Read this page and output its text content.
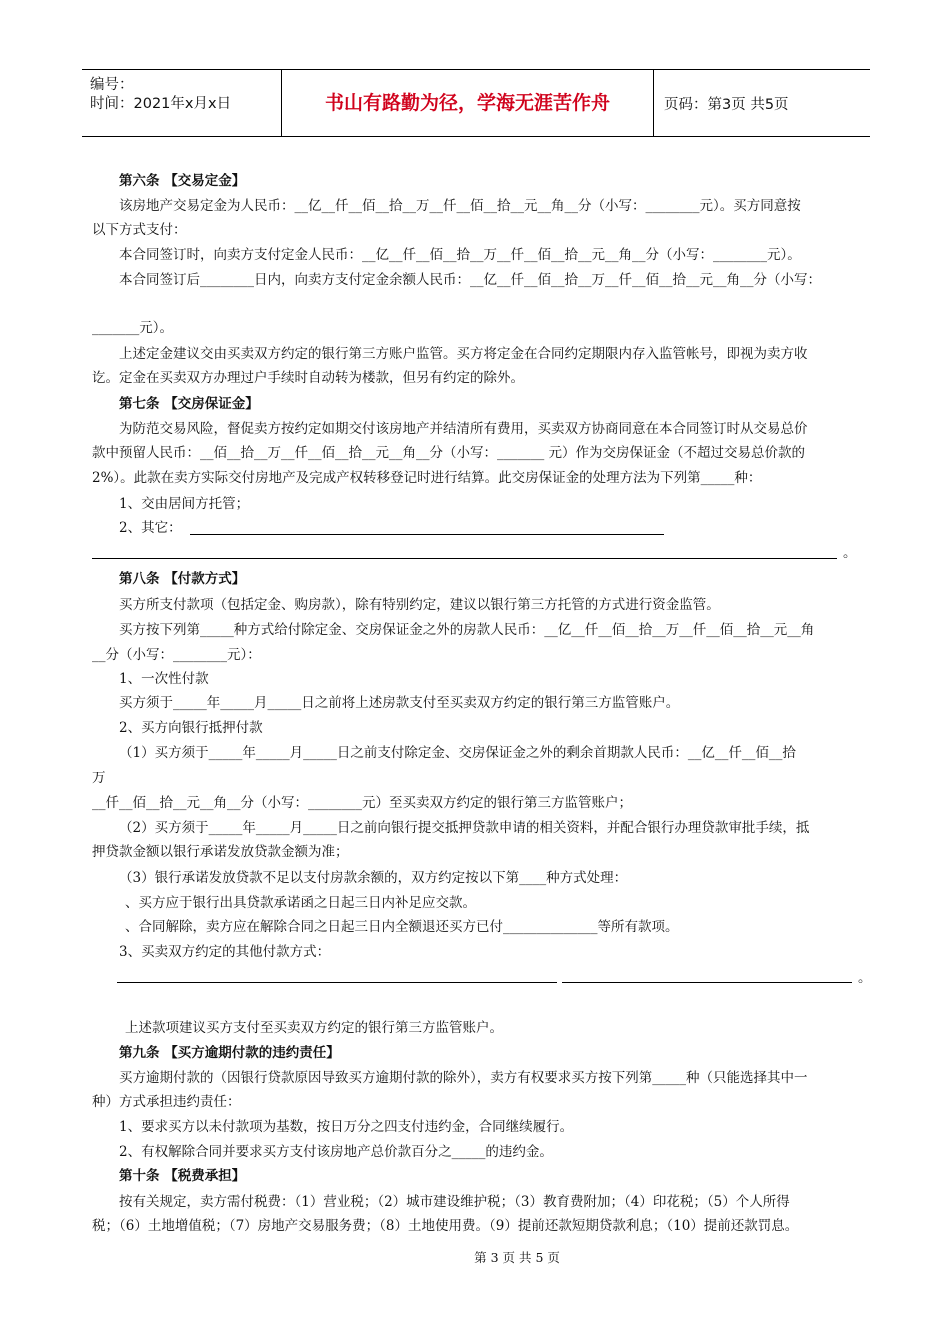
编号：
时间：2021年x月x日	书山有路勤为径，学海无涯苦作舟	页码：第3页 共5页
第六条 【交易定金】
该房地产交易定金为人民币：__亿__仟__佰__拾__万__仟__佰__拾__元__角__分（小写：________元）。买方同意按
以下方式支付：
本合同签订时，向卖方支付定金人民币：__亿__仟__佰__拾__万__仟__佰__拾__元__角__分（小写：________元）。
本合同签订后________日内，向卖方支付定金余额人民币：__亿__仟__佰__拾__万__仟__佰__拾__元__角__分（小写：
_______元）。
上述定金建议交由买卖双方约定的银行第三方账户监管。买方将定金在合同约定期限内存入监管帐号，即视为卖方收
讫。定金在买卖双方办理过户手续时自动转为楼款，但另有约定的除外。
第七条 【交房保证金】
为防范交易风险，督促卖方按约定如期交付该房地产并结清所有费用，买卖双方协商同意在本合同签订时从交易总价
款中预留人民币：__佰__拾__万__仟__佰__拾__元__角__分（小写：_______ 元）作为交房保证金（不超过交易总价款的
2%）。此款在卖方实际交付房地产及完成产权转移登记时进行结算。此交房保证金的处理方法为下列第_____种：
1、交由居间方托管；
2、其它：
。
第八条 【付款方式】
买方所支付款项（包括定金、购房款），除有特别约定，建议以银行第三方托管的方式进行资金监管。
买方按下列第_____种方式给付除定金、交房保证金之外的房款人民币：__亿__仟__佰__拾__万__仟__佰__拾__元__角
__分（小写：________元）：
1、一次性付款
买方须于_____年_____月_____日之前将上述房款支付至买卖双方约定的银行第三方监管账户。
2、买方向银行抵押付款
（1）买方须于_____年_____月_____日之前支付除定金、交房保证金之外的剩余首期款人民币：__亿__仟__佰__拾
万
__仟__佰__拾__元__角__分（小写：________元）至买卖双方约定的银行第三方监管账户；
（2）买方须于_____年_____月_____日之前向银行提交抵押贷款申请的相关资料，并配合银行办理贷款审批手续，抵
押贷款金额以银行承诺发放贷款金额为准；
（3）银行承诺发放贷款不足以支付房款余额的，双方约定按以下第____种方式处理：
、买方应于银行出具贷款承诺函之日起三日内补足应交款。
、合同解除，卖方应在解除合同之日起三日内全额退还买方已付______________等所有款项。
3、买卖双方约定的其他付款方式：
。
上述款项建议买方支付至买卖双方约定的银行第三方监管账户。
第九条 【买方逾期付款的违约责任】
买方逾期付款的（因银行贷款原因导致买方逾期付款的除外），卖方有权要求买方按下列第_____种（只能选择其中一
种）方式承担违约责任：
1、要求买方以未付款项为基数，按日万分之四支付违约金，合同继续履行。
2、有权解除合同并要求买方支付该房地产总价款百分之_____的违约金。
第十条 【税费承担】
按有关规定，卖方需付税费：（1）营业税；（2）城市建设维护税；（3）教育费附加；（4）印花税；（5）个人所得
税；（6）土地增值税；（7）房地产交易服务费；（8）土地使用费。（9）提前还款短期贷款利息；（10）提前还款罚息。
第 3 页 共 5 页
